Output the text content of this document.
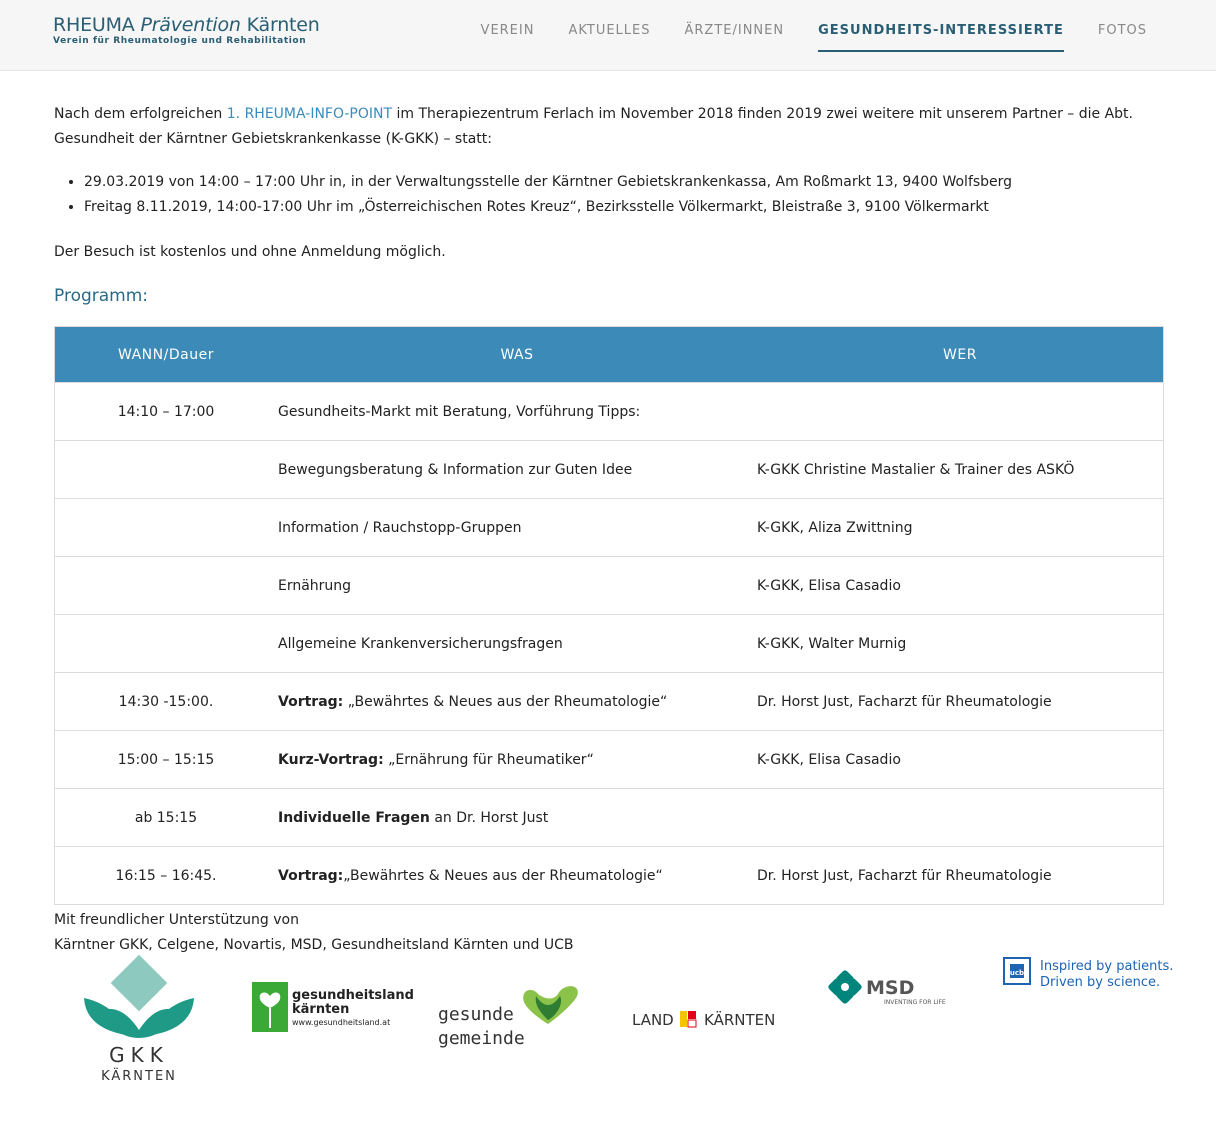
RHEUMA Prävention Kärnten
Verein für Rheumatologie und Rehabilitation
VEREIN	AKTUELLES	ÄRZTE/INNEN	GESUNDHEITS-INTERESSIERTE	FOTOS

Nach dem erfolgreichen 1. RHEUMA-INFO-POINT im Therapiezentrum Ferlach im November 2018 finden 2019 zwei weitere mit unserem Partner – die Abt. Gesundheit der Kärntner Gebietskrankenkasse (K-GKK) – statt:

• 29.03.2019 von 14:00 – 17:00 Uhr in, in der Verwaltungsstelle der Kärntner Gebietskrankenkassa, Am Roßmarkt 13, 9400 Wolfsberg
• Freitag 8.11.2019, 14:00-17:00 Uhr im „Österreichischen Rotes Kreuz“, Bezirksstelle Völkermarkt, Bleistraße 3, 9100 Völkermarkt

Der Besuch ist kostenlos und ohne Anmeldung möglich.

Programm:
WANN/Dauer	WAS	WER
14:10 – 17:00	Gesundheits-Markt mit Beratung, Vorführung Tipps:	
	Bewegungsberatung & Information zur Guten Idee	K-GKK Christine Mastalier & Trainer des ASKÖ
	Information / Rauchstopp-Gruppen	K-GKK, Aliza Zwittning
	Ernährung	K-GKK, Elisa Casadio
	Allgemeine Krankenversicherungsfragen	K-GKK, Walter Murnig
14:30 -15:00.	Vortrag: „Bewährtes & Neues aus der Rheumatologie“	Dr. Horst Just, Facharzt für Rheumatologie
15:00 – 15:15	Kurz-Vortrag: „Ernährung für Rheumatiker“	K-GKK, Elisa Casadio
ab 15:15	Individuelle Fragen an Dr. Horst Just	
16:15 – 16:45.	Vortrag:„Bewährtes & Neues aus der Rheumatologie“	Dr. Horst Just, Facharzt für Rheumatologie

Mit freundlicher Unterstützung von

Kärntner GKK, Celgene, Novartis, MSD, Gesundheitsland Kärnten und UCB

GKK
KÄRNTEN
gesundheitsland
kärnten
www.gesundheitsland.at	gesunde
gemeinde
LAND KÄRNTEN
MSD
INVENTING FOR LIFE
ucb Inspired by patients.
Driven by science.
